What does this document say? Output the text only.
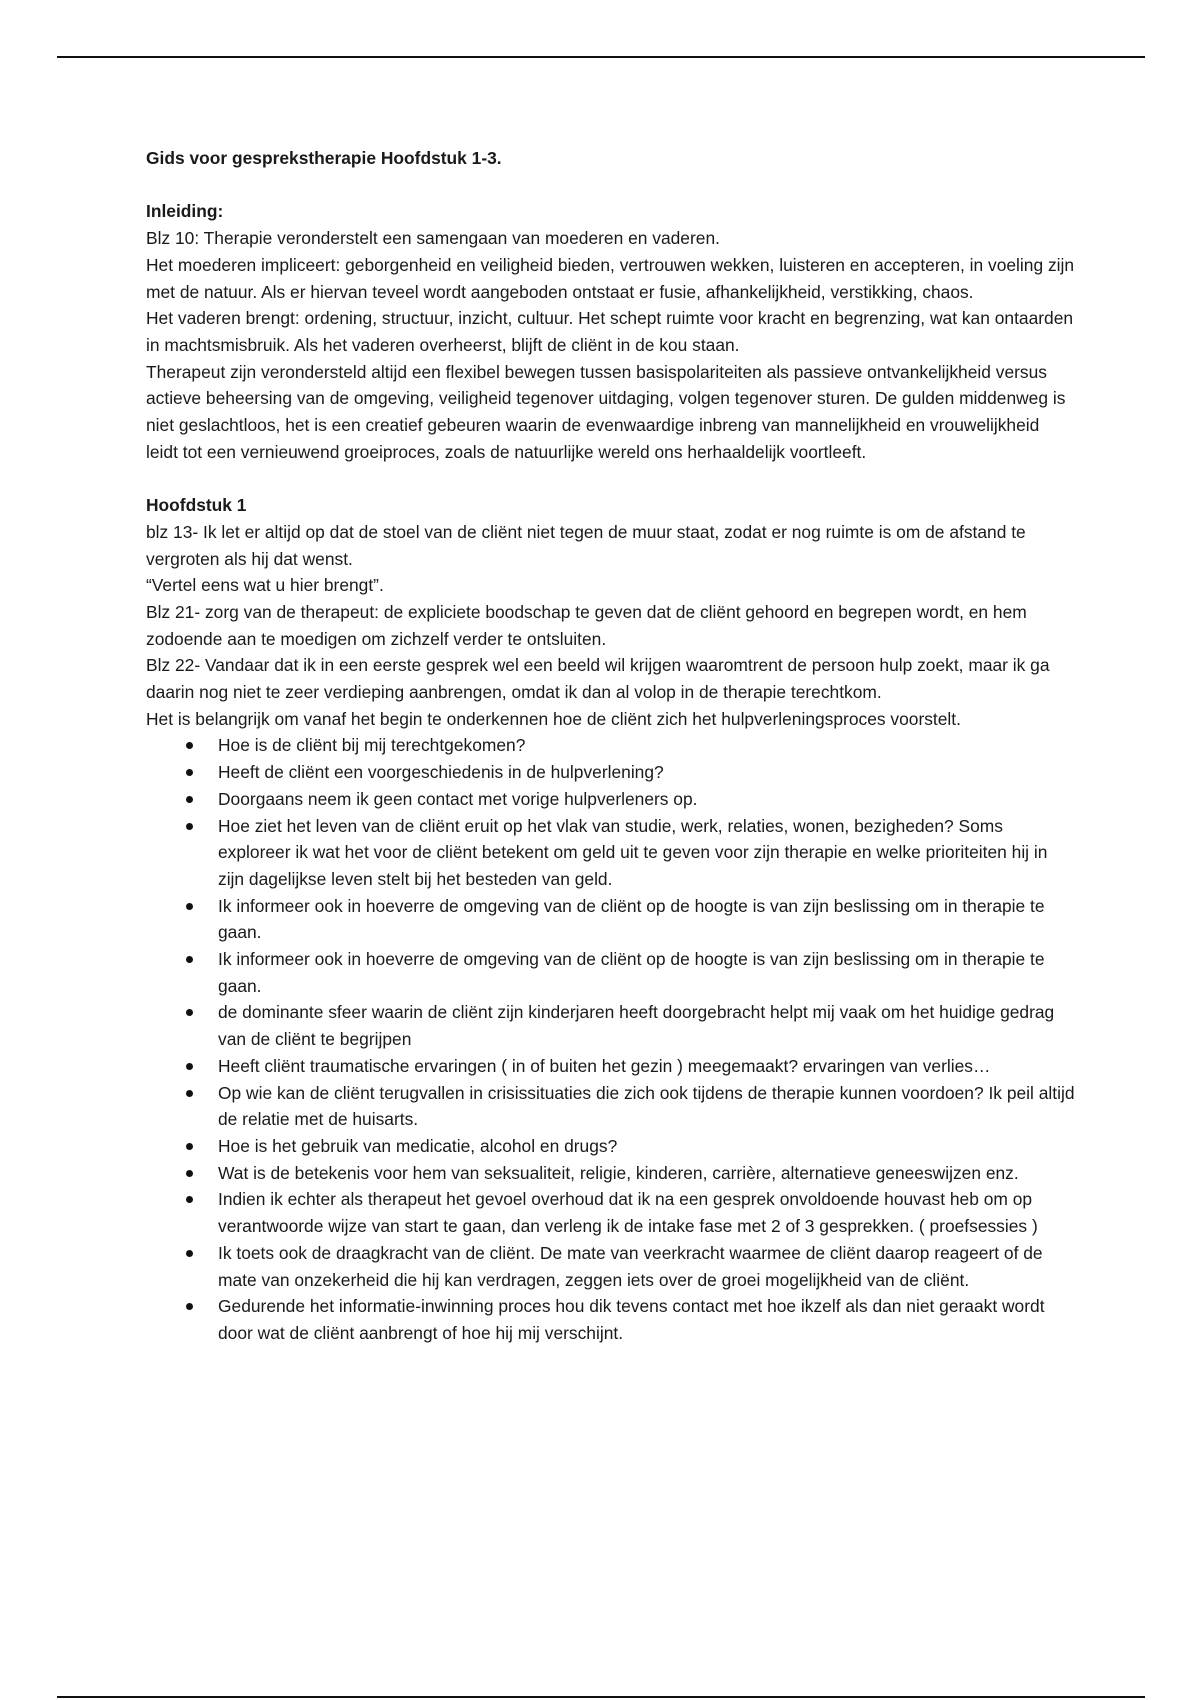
Gids voor gesprekstherapie Hoofdstuk 1-3.

Inleiding:

Blz 10: Therapie veronderstelt een samengaan van moederen en vaderen.

Het moederen impliceert: geborgenheid en veiligheid bieden, vertrouwen wekken, luisteren en accepteren, in voeling zijn met de natuur. Als er hiervan teveel wordt aangeboden ontstaat er fusie, afhankelijkheid, verstikking, chaos.

Het vaderen brengt: ordening, structuur, inzicht, cultuur. Het schept ruimte voor kracht en begrenzing, wat kan ontaarden in machtsmisbruik. Als het vaderen overheerst, blijft de cliënt in de kou staan.

Therapeut zijn verondersteld altijd een flexibel bewegen tussen basispolariteiten als passieve ontvankelijkheid versus actieve beheersing van de omgeving, veiligheid tegenover uitdaging, volgen tegenover sturen. De gulden middenweg is niet geslachtloos, het is een creatief gebeuren waarin de evenwaardige inbreng van mannelijkheid en vrouwelijkheid leidt tot een vernieuwend groeiproces, zoals de natuurlijke wereld ons herhaaldelijk voortleeft.

Hoofdstuk 1

blz 13- Ik let er altijd op dat de stoel van de cliënt niet tegen de muur staat, zodat er nog ruimte is om de afstand te vergroten als hij dat wenst.

“Vertel eens wat u hier brengt”.

Blz 21- zorg van de therapeut: de expliciete boodschap te geven dat de cliënt gehoord en begrepen wordt, en hem zodoende aan te moedigen om zichzelf verder te ontsluiten.

Blz 22- Vandaar dat ik in een eerste gesprek wel een beeld wil krijgen waaromtrent de persoon hulp zoekt, maar ik ga daarin nog niet te zeer verdieping aanbrengen, omdat ik dan al volop in de therapie terechtkom.

Het is belangrijk om vanaf het begin te onderkennen hoe de cliënt zich het hulpverleningsproces voorstelt.

Hoe is de cliënt bij mij terechtgekomen?
Heeft de cliënt een voorgeschiedenis in de hulpverlening?
Doorgaans neem ik geen contact met vorige hulpverleners op.
Hoe ziet het leven van de cliënt eruit op het vlak van studie, werk, relaties, wonen, bezigheden? Soms exploreer ik wat het voor de cliënt betekent om geld uit te geven voor zijn therapie en welke prioriteiten hij in zijn dagelijkse leven stelt bij het besteden van geld.
Ik informeer ook in hoeverre de omgeving van de cliënt op de hoogte is van zijn beslissing om in therapie te gaan.
Ik informeer ook in hoeverre de omgeving van de cliënt op de hoogte is van zijn beslissing om in therapie te gaan.
de dominante sfeer waarin de cliënt zijn kinderjaren heeft doorgebracht helpt mij vaak om het huidige gedrag van de cliënt te begrijpen
Heeft cliënt traumatische ervaringen ( in of buiten het gezin ) meegemaakt? ervaringen van verlies…
Op wie kan de cliënt terugvallen in crisissituaties die zich ook tijdens de therapie kunnen voordoen? Ik peil altijd de relatie met de huisarts.
Hoe is het gebruik van medicatie, alcohol en drugs?
Wat is de betekenis voor hem van seksualiteit, religie, kinderen, carrière, alternatieve geneeswijzen enz.
Indien ik echter als therapeut het gevoel overhoud dat ik na een gesprek onvoldoende houvast heb om op verantwoorde wijze van start te gaan, dan verleng ik de intake fase met 2 of 3 gesprekken. ( proefsessies )
Ik toets ook de draagkracht van de cliënt. De mate van veerkracht waarmee de cliënt daarop reageert of de mate van onzekerheid die hij kan verdragen, zeggen iets over de groei mogelijkheid van de cliënt.
Gedurende het informatie-inwinning proces hou dik tevens contact met hoe ikzelf als dan niet geraakt wordt door wat de cliënt aanbrengt of hoe hij mij verschijnt.
